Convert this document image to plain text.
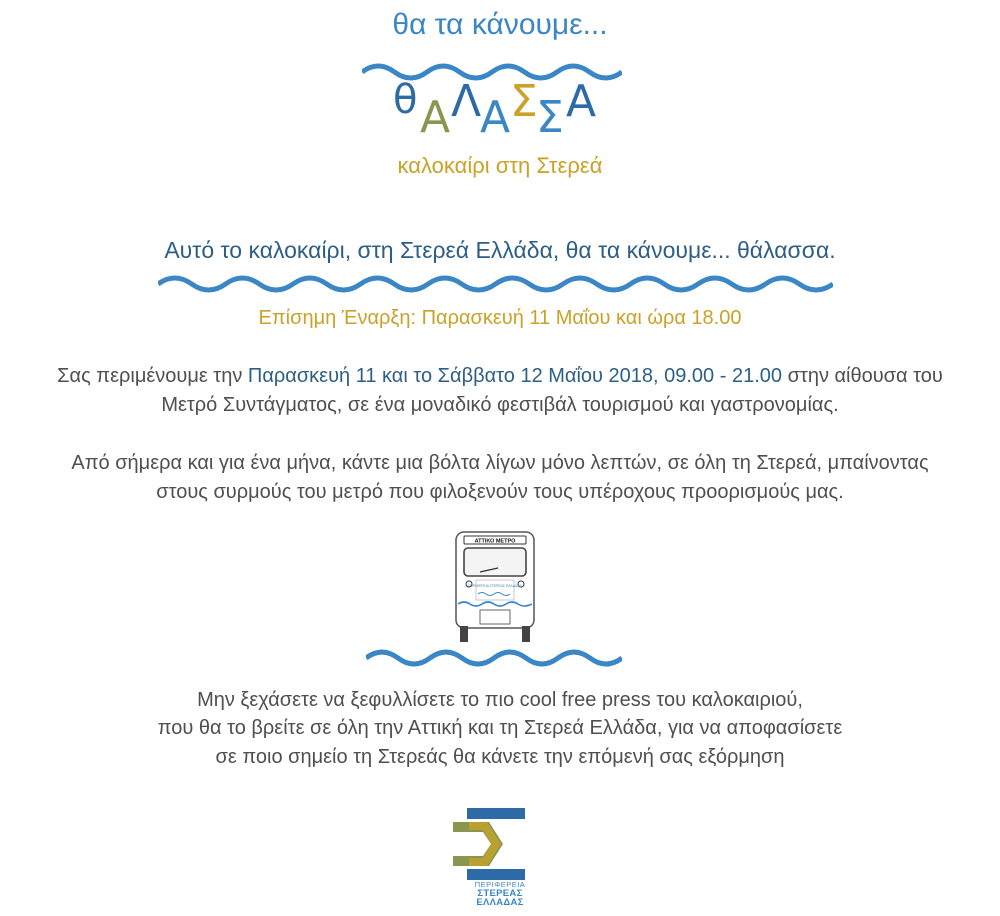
θα τα κάνουμε...
θ Α Λ
Α Σ
Σ Α
καλοκαίρι στη Στερεά
Αυτό το καλοκαίρι, στη Στερεά Ελλάδα, θα τα κάνουμε... θάλασσα.
Επίσημη Έναρξη: Παρασκευή 11 Μαΐου και ώρα 18.00
Σας περιμένουμε την Παρασκευή 11 και το Σάββατο 12 Μαΐου 2018, 09.00 - 21.00 στην αίθουσα του
Μετρό Συντάγματος, σε ένα μοναδικό φεστιβάλ τουρισμού και γαστρονομίας.
Από σήμερα και για ένα μήνα, κάντε μια βόλτα λίγων μόνο λεπτών, σε όλη τη Στερεά, μπαίνοντας
στους συρμούς του μετρό που φιλοξενούν τους υπέροχους προορισμούς μας.
ΑΤΤΙΚΟ ΜΕΤΡΟ
ΠΕΡΙΦΕΡΕΙΑ ΣΤΕΡΕΑΣ ΕΛΛΑΔΑΣ
Μην ξεχάσετε να ξεφυλλίσετε το πιο cool free press του καλοκαιριού,
που θα το βρείτε σε όλη την Αττική και τη Στερεά Ελλάδα, για να αποφασίσετε
σε ποιο σημείο τη Στερεάς θα κάνετε την επόμενή σας εξόρμηση
ΠΕΡΙΦΕΡΕΙΑ
ΣΤΕΡΕΑΣ
ΕΛΛΑΔΑΣ
